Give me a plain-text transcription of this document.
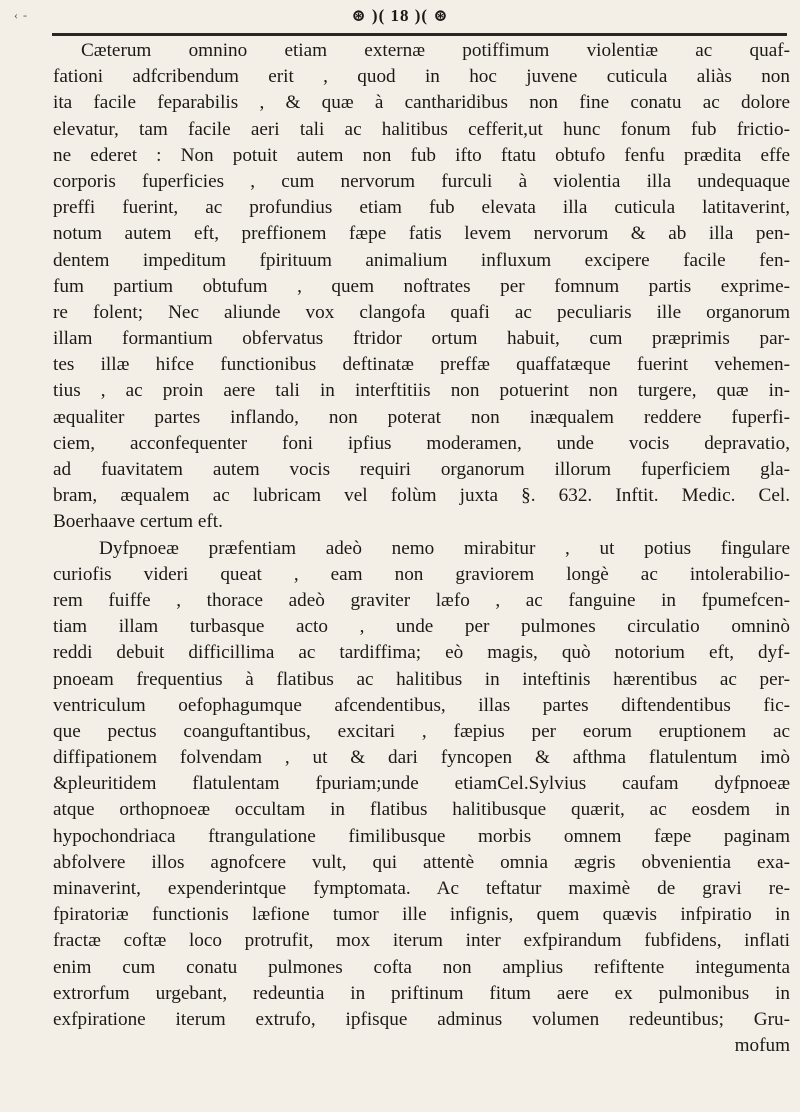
‹ -	⊛ )( 18 )( ⊛
Cæterum omnino etiam externæ potiffimum violentiæ ac quaf-
fationi adfcribendum erit , quod in hoc juvene cuticula aliàs non
ita facile feparabilis , & quæ à cantharidibus non fine conatu ac dolore
elevatur, tam facile aeri tali ac halitibus cefferit,ut hunc fonum fub frictio-
ne ederet : Non potuit autem non fub ifto ftatu obtufo fenfu prædita effe
corporis fuperficies , cum nervorum furculi à violentia illa undequaque
preffi fuerint, ac profundius etiam fub elevata illa cuticula latitaverint,
notum autem eft, preffionem fæpe fatis levem nervorum & ab illa pen-
dentem impeditum fpirituum animalium influxum excipere facile fen-
fum partium obtufum , quem noftrates per fomnum partis exprime-
re folent; Nec aliunde vox clangofa quafi ac peculiaris ille organorum
illam formantium obfervatus ftridor ortum habuit, cum præprimis par-
tes illæ hifce functionibus deftinatæ preffæ quaffatæque fuerint vehemen-
tius , ac proin aere tali in interftitiis non potuerint non turgere, quæ in-
æqualiter partes inflando, non poterat non inæqualem reddere fuperfi-
ciem, acconfequenter foni ipfius moderamen, unde vocis depravatio,
ad fuavitatem autem vocis requiri organorum illorum fuperficiem gla-
bram, æqualem ac lubricam vel folùm juxta §. 632. Inftit. Medic. Cel.
Boerhaave certum eft.
Dyfpnoeæ præfentiam adeò nemo mirabitur , ut potius fingulare
curiofis videri queat , eam non graviorem longè ac intolerabilio-
rem fuiffe , thorace adeò graviter læfo , ac fanguine in fpumefcen-
tiam illam turbasque acto , unde per pulmones circulatio omninò
reddi debuit difficillima ac tardiffima; eò magis, quò notorium eft, dyf-
pnoeam frequentius à flatibus ac halitibus in inteftinis hærentibus ac per-
ventriculum oefophagumque afcendentibus, illas partes diftendentibus fic-
que pectus coanguftantibus, excitari , fæpius per eorum eruptionem ac
diffipationem folvendam , ut & dari fyncopen & afthma flatulentum imò
&pleuritidem flatulentam fpuriam;unde etiamCel.Sylvius caufam dyfpnoeæ
atque orthopnoeæ occultam in flatibus halitibusque quærit, ac eosdem in
hypochondriaca ftrangulatione fimilibusque morbis omnem fæpe paginam
abfolvere illos agnofcere vult, qui attentè omnia ægris obvenientia exa-
minaverint, expenderintque fymptomata. Ac teftatur maximè de gravi re-
fpiratoriæ functionis læfione tumor ille infignis, quem quævis infpiratio in
fractæ coftæ loco protrufit, mox iterum inter exfpirandum fubfidens, inflati
enim cum conatu pulmones cofta non amplius refiftente integumenta
extrorfum urgebant, redeuntia in priftinum fitum aere ex pulmonibus in
exfpiratione iterum extrufo, ipfisque adminus volumen redeuntibus; Gru-
mofum
